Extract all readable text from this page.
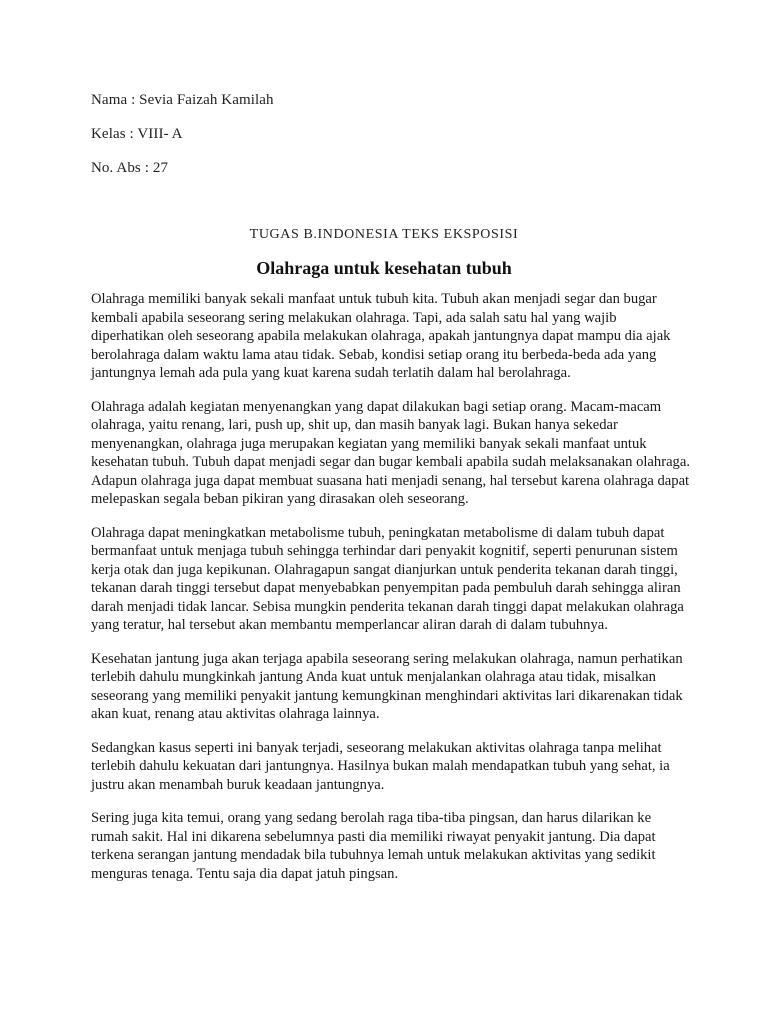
Nama : Sevia Faizah Kamilah
Kelas : VIII- A
No. Abs : 27
TUGAS B.INDONESIA TEKS EKSPOSISI
Olahraga untuk kesehatan tubuh

Olahraga memiliki banyak sekali manfaat untuk tubuh kita. Tubuh akan menjadi segar dan bugar kembali apabila seseorang sering melakukan olahraga. Tapi, ada salah satu hal yang wajib diperhatikan oleh seseorang apabila melakukan olahraga, apakah jantungnya dapat mampu dia ajak berolahraga dalam waktu lama atau tidak. Sebab, kondisi setiap orang itu berbeda-beda ada yang jantungnya lemah ada pula yang kuat karena sudah terlatih dalam hal berolahraga.

Olahraga adalah kegiatan menyenangkan yang dapat dilakukan bagi setiap orang. Macam-macam olahraga, yaitu renang, lari, push up, shit up, dan masih banyak lagi. Bukan hanya sekedar menyenangkan, olahraga juga merupakan kegiatan yang memiliki banyak sekali manfaat untuk kesehatan tubuh. Tubuh dapat menjadi segar dan bugar kembali apabila sudah melaksanakan olahraga. Adapun olahraga juga dapat membuat suasana hati menjadi senang, hal tersebut karena olahraga dapat melepaskan segala beban pikiran yang dirasakan oleh seseorang.

Olahraga dapat meningkatkan metabolisme tubuh, peningkatan metabolisme di dalam tubuh dapat bermanfaat untuk menjaga tubuh sehingga terhindar dari penyakit kognitif, seperti penurunan sistem kerja otak dan juga kepikunan. Olahragapun sangat dianjurkan untuk penderita tekanan darah tinggi, tekanan darah tinggi tersebut dapat menyebabkan penyempitan pada pembuluh darah sehingga aliran darah menjadi tidak lancar. Sebisa mungkin penderita tekanan darah tinggi dapat melakukan olahraga yang teratur, hal tersebut akan membantu memperlancar aliran darah di dalam tubuhnya.

Kesehatan jantung juga akan terjaga apabila seseorang sering melakukan olahraga, namun perhatikan terlebih dahulu mungkinkah jantung Anda kuat untuk menjalankan olahraga atau tidak, misalkan seseorang yang memiliki penyakit jantung kemungkinan menghindari aktivitas lari dikarenakan tidak akan kuat, renang atau aktivitas olahraga lainnya.

Sedangkan kasus seperti ini banyak terjadi, seseorang melakukan aktivitas olahraga tanpa melihat terlebih dahulu kekuatan dari jantungnya. Hasilnya bukan malah mendapatkan tubuh yang sehat, ia justru akan menambah buruk keadaan jantungnya.

Sering juga kita temui, orang yang sedang berolah raga tiba-tiba pingsan, dan harus dilarikan ke rumah sakit. Hal ini dikarena sebelumnya pasti dia memiliki riwayat penyakit jantung. Dia dapat terkena serangan jantung mendadak bila tubuhnya lemah untuk melakukan aktivitas yang sedikit menguras tenaga. Tentu saja dia dapat jatuh pingsan.
